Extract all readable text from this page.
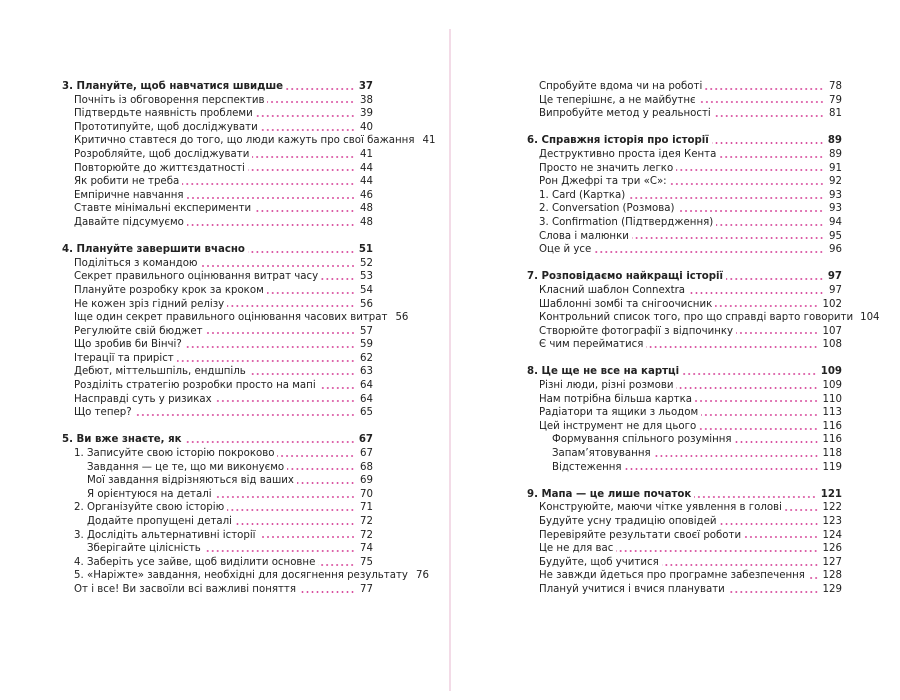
3. Плануйте, щоб навчатися швидше	37
Почніть із обговорення перспектив	38
Підтвердьте наявність проблеми	39
Прототипуйте, щоб досліджувати	40
Критично ставтеся до того, що люди кажуть про свої бажання 41
Розробляйте, щоб досліджувати	41
Повторюйте до життєздатності	44
Як робити не треба	44
Емпіричне навчання	46
Ставте мінімальні експерименти	48
Давайте підсумуємо	48
4. Плануйте завершити вчасно	51
Поділіться з командою	52
Секрет правильного оцінювання витрат часу	53
Плануйте розробку крок за кроком	54
Не кожен зріз гідний релізу	56
Іще один секрет правильного оцінювання часових витрат 56
Регулюйте свій бюджет	57
Що зробив би Вінчі?	59
Ітерації та приріст	62
Дебют, міттельшпіль, ендшпіль	63
Розділіть стратегію розробки просто на мапі	64
Насправді суть у ризиках	64
Що тепер?	65
5. Ви вже знаєте, як	67
1. Записуйте свою історію покроково	67
Завдання — це те, що ми виконуємо	68
Мої завдання відрізняються від ваших	69
Я орієнтуюся на деталі	70
2. Організуйте свою історію	71
Додайте пропущені деталі	72
3. Дослідіть альтернативні історії	72
Зберігайте цілісність	74
4. Заберіть усе зайве, щоб виділити основне	75
5. «Наріжте» завдання, необхідні для досягнення результату 76
От і все! Ви засвоїли всі важливі поняття	77
Спробуйте вдома чи на роботі	78
Це теперішнє, а не майбутнє	79
Випробуйте метод у реальності	81
6. Справжня історія про історії	89
Деструктивно проста ідея Кента	89
Просто не значить легко	91
Рон Джефрі та три «С»:	92
1. Card (Картка)	93
2. Conversation (Розмова)	93
3. Confirmation (Підтвердження)	94
Слова і малюнки	95
Оце й усе	96
7. Розповідаємо найкращі історії	97
Класний шаблон Connextra	97
Шаблонні зомбі та снігоочисник	102
Контрольний список того, про що справді варто говорити 104
Створюйте фотографії з відпочинку	107
Є чим перейматися	108
8. Це ще не все на картці	109
Різні люди, різні розмови	109
Нам потрібна більша картка	110
Радіатори та ящики з льодом	113
Цей інструмент не для цього	116
Формування спільного розуміння	116
Запам’ятовування	118
Відстеження	119
9. Мапа — це лише початок	121
Конструюйте, маючи чітке уявлення в голові	122
Будуйте усну традицію оповідей	123
Перевіряйте результати своєї роботи	124
Це не для вас	126
Будуйте, щоб учитися	127
Не завжди йдеться про програмне забезпечення	128
Плануй учитися і вчися планувати	129
